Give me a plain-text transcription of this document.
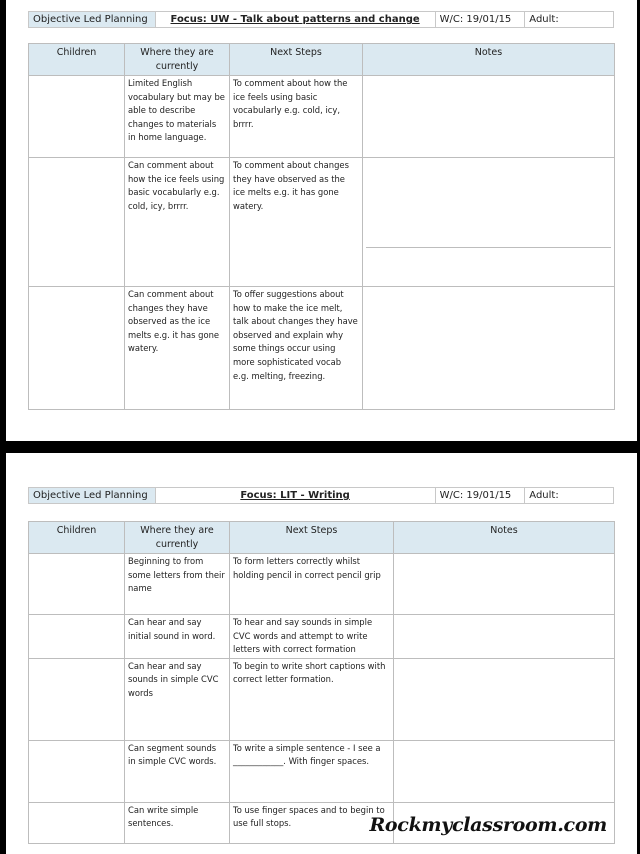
Objective Led Planning	Focus: UW - Talk about patterns and change	W/C: 19/01/15	Adult:
Children	Where they are currently	Next Steps	Notes
	Limited English vocabulary but may be able to describe changes to materials in home language.	To comment about how the ice feels using basic vocabularly e.g. cold, icy, brrrr.	
	Can comment about how the ice feels using basic vocabularly e.g. cold, icy, brrrr.	To comment about changes they have observed as the ice melts e.g. it has gone watery.	

	Can comment about changes they have observed as the ice melts e.g. it has gone watery.	To offer suggestions about how to make the ice melt, talk about changes they have observed and explain why some things occur using more sophisticated vocab e.g. melting, freezing.	
Objective Led Planning	Focus: LIT - Writing	W/C: 19/01/15	Adult:
Children	Where they are currently	Next Steps	Notes
	Beginning to from some letters from their name	To form letters correctly whilst holding pencil in correct pencil grip	
	Can hear and say initial sound in word.	To hear and say sounds in simple CVC words and attempt to write letters with correct formation	
	Can hear and say sounds in simple CVC words	To begin to write short captions with correct letter formation.	
	Can segment sounds in simple CVC words.	To write a simple sentence - I see a ____________. With finger spaces.	
	Can write simple sentences.	To use finger spaces and to begin to use full stops.		Rockmyclassroom.com
